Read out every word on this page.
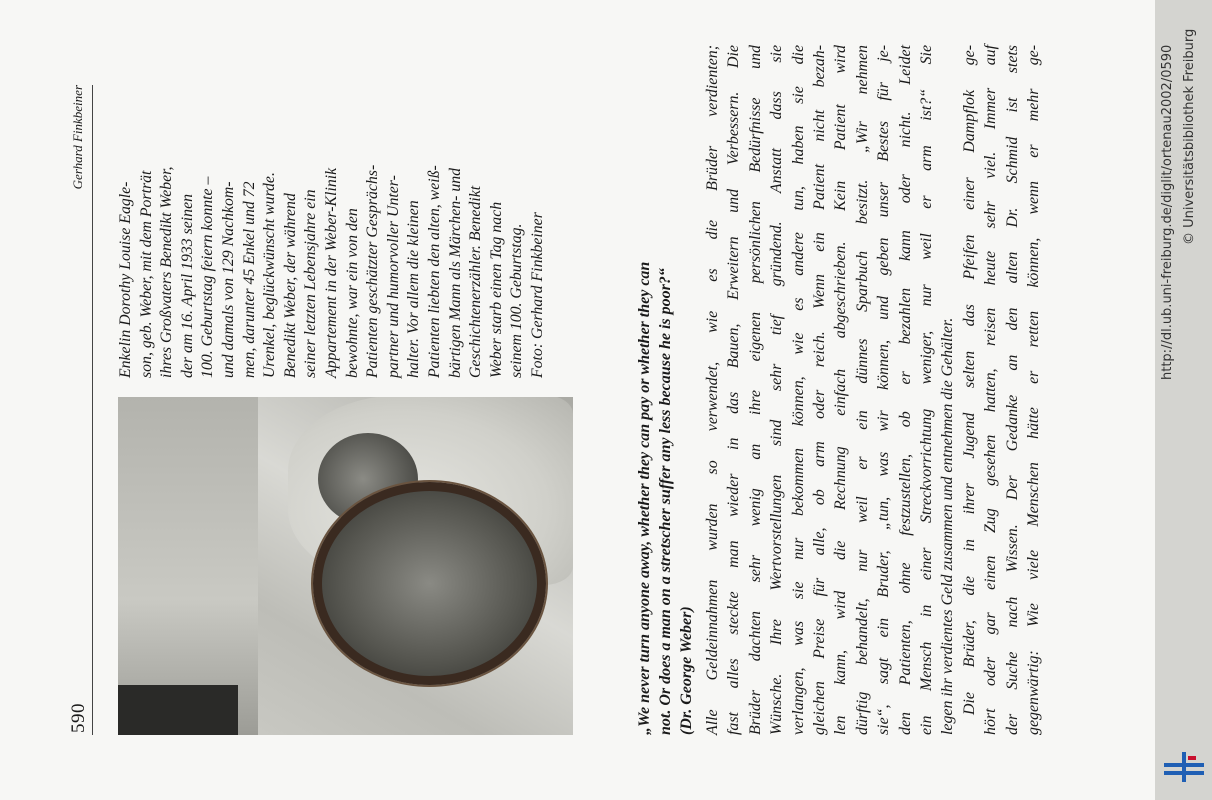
590
Gerhard Finkbeiner
Enkelin Dorothy Louise Eagle- son, geb. Weber, mit dem Porträt ihres Großvaters Benedikt Weber, der am 16. April 1933 seinen 100. Geburtstag feiern konnte – und damals von 129 Nachkom- men, darunter 45 Enkel und 72 Urenkel, beglückwünscht wurde. Benedikt Weber, der während seiner letzten Lebensjahre ein Appartement in der Weber-Klinik bewohnte, war ein von den Patienten geschätzter Gesprächs- partner und humorvoller Unter- halter. Vor allem die kleinen Patienten liebten den alten, weiß- bärtigen Mann als Märchen- und Geschichtenerzähler. Benedikt Weber starb einen Tag nach seinem 100. Geburtstag. Foto: Gerhard Finkbeiner	„We never turn anyone away, whether they can pay or whether they can not. Or does a man on a stretscher suffer any less because he is poor?“ (Dr. George Weber) Alle Geldeinnahmen wurden so verwendet, wie es die Brüder verdienten; fast alles steckte man wieder in das Bauen, Erweitern und Verbessern. Die Brüder dachten sehr wenig an ihre eigenen persönlichen Bedürfnisse und Wünsche. Ihre Wertvorstellungen sind sehr tief gründend. Anstatt dass sie verlangen, was sie nur bekommen können, wie es andere tun, haben sie die gleichen Preise für alle, ob arm oder reich. Wenn ein Patient nicht bezah- len kann, wird die Rechnung einfach abgeschrieben. Kein Patient wird dürftig behandelt, nur weil er ein dünnes Sparbuch besitzt. „Wir nehmen sie“, sagt ein Bruder, „tun, was wir können, und geben unser Bestes für je- den Patienten, ohne festzustellen, ob er bezahlen kann oder nicht. Leidet ein Mensch in einer Streckvorrichtung weniger, nur weil er arm ist?“ Sie legen ihr verdientes Geld zusammen und entnehmen die Gehälter. Die Brüder, die in ihrer Jugend selten das Pfeifen einer Dampflok ge- hört oder gar einen Zug gesehen hatten, reisen heute sehr viel. Immer auf der Suche nach Wissen. Der Gedanke an den alten Dr. Schmid ist stets gegenwärtig: Wie viele Menschen hätte er retten können, wenn er mehr ge-	http://dl.ub.uni-freiburg.de/diglit/ortenau2002/0590 © Universitätsbibliothek Freiburg
